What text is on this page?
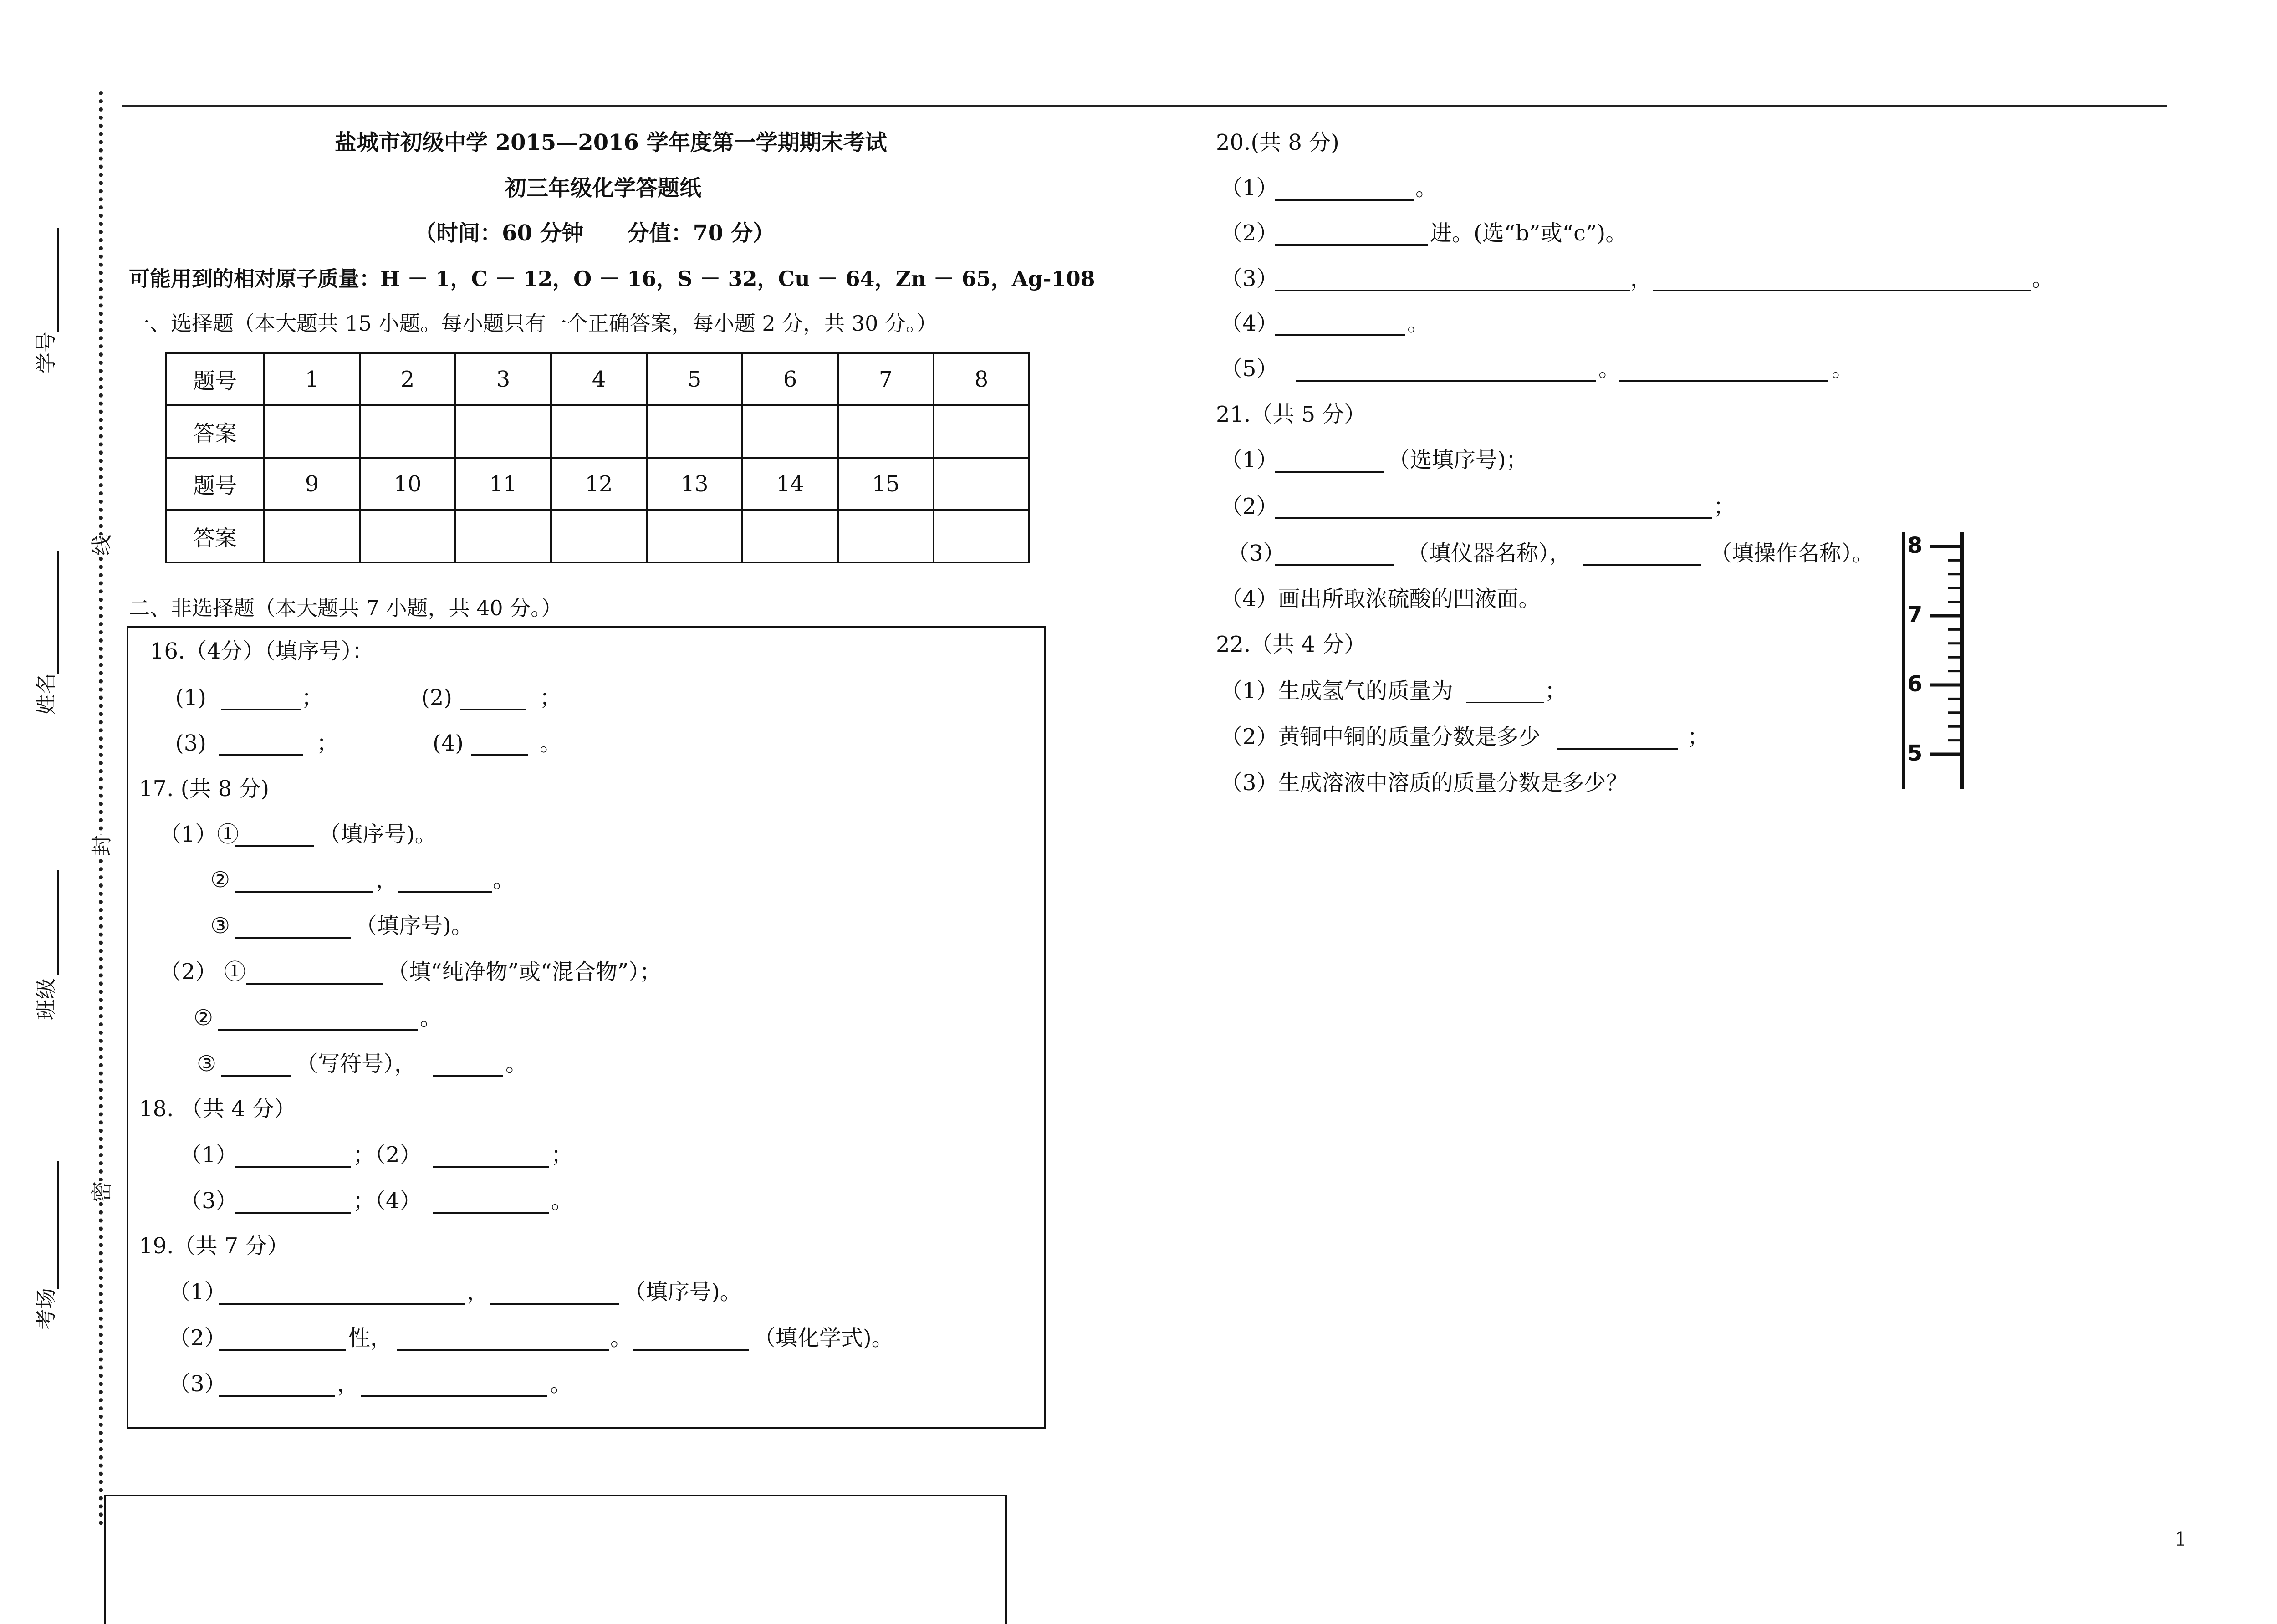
学号
姓名
班级
考场
线
封
密
盐城市初级中学 2015—2016 学年度第一学期期末考试
初三年级化学答题纸
（时间：60 分钟　　分值：70 分）
可能用到的相对原子质量：H － 1，C － 12，O － 16，S － 32，Cu － 64，Zn － 65，Ag-108
一、选择题（本大题共 15 小题。每小题只有一个正确答案，每小题 2 分，共 30 分。）
题号	1	2	3	4	5	6	7	8
答案								
题号	9	10	11	12	13	14	15	
答案								
二、非选择题（本大题共 7 小题，共 40 分。）
16.（4分）（填序号）：
(1)	；	(2)	；
(3)	；	(4)	。
17. (共 8 分)
（1）①	（填序号)。
②	，	。
③	（填序号)。
（2） ①	（填“纯净物”或“混合物”）；
②	。
③	（写符号），	。
18. （共 4 分）
（1）	；（2）	；
（3）	；（4）	。
19.（共 7 分）
（1）	，	（填序号)。
（2）	性，	。	（填化学式)。
（3）	，	。
20.(共 8 分)
（1）	。
（2）	进。(选“b”或“c”)。
（3）	，	。
（4）	。
（5）	。	。
21.（共 5 分）
（1）	（选填序号)；
（2）	；
（3）	（填仪器名称），	（填操作名称）。
（4）画出所取浓硫酸的凹液面。
22.（共 4 分）
（1）生成氢气的质量为	；
（2）黄铜中铜的质量分数是多少	；
（3）生成溶液中溶质的质量分数是多少？
8
7
6
5
1
